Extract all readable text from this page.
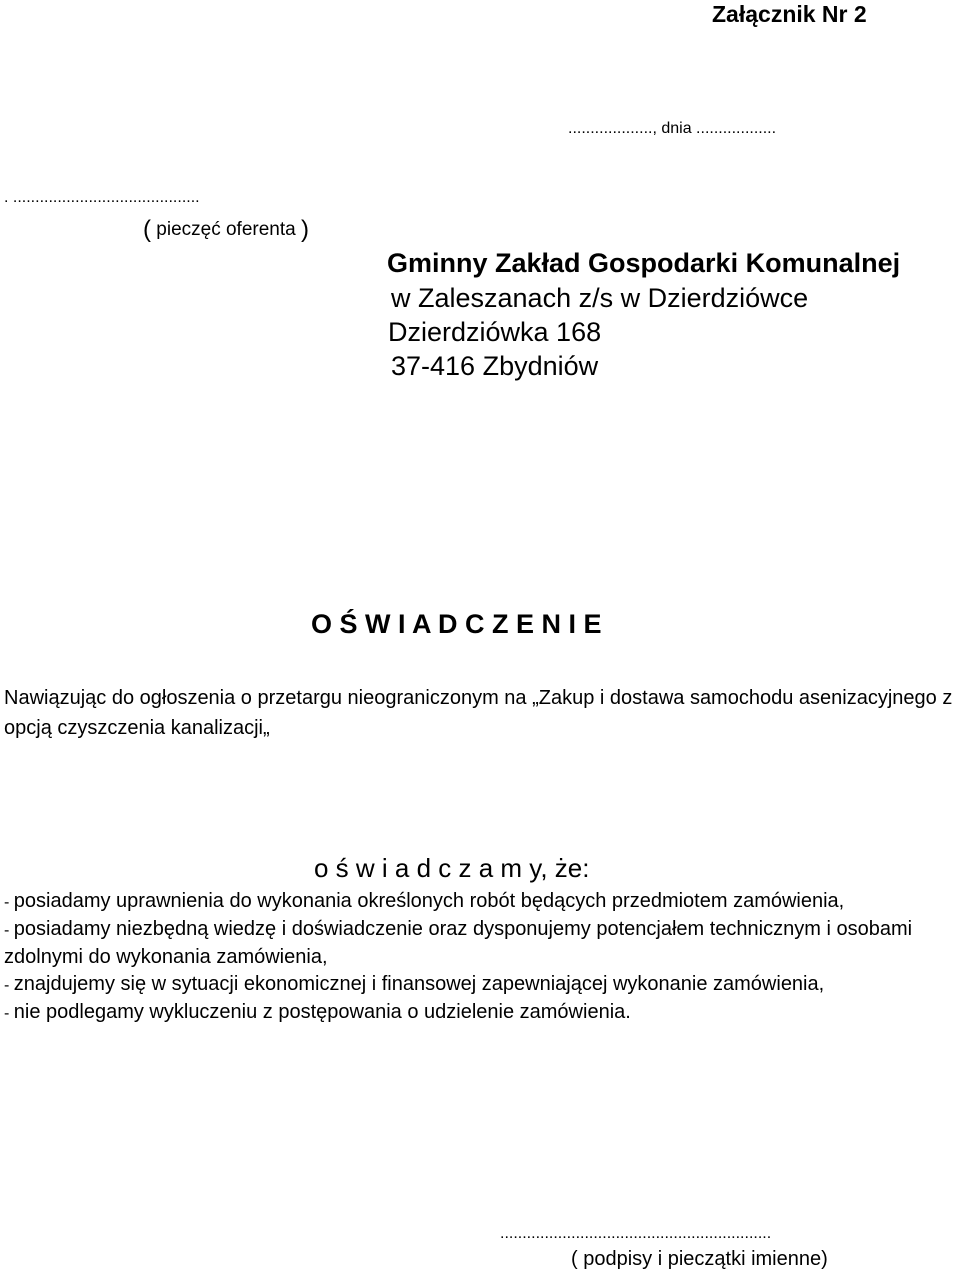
Załącznik Nr 2
..................., dnia ..................
. ..........................................
( pieczęć oferenta )
Gminny Zakład Gospodarki Komunalnej
w Zaleszanach z/s w Dzierdziówce
Dzierdziówka 168
37-416 Zbydniów
O Ś W I A D C Z E N I E

Nawiązując do ogłoszenia o przetargu nieograniczonym na „Zakup i dostawa samochodu asenizacyjnego z opcją czyszczenia kanalizacji„

o ś w i a d c z a m y, że:
- posiadamy uprawnienia do wykonania określonych robót będących przedmiotem zamówienia,
- posiadamy niezbędną wiedzę i doświadczenie oraz dysponujemy potencjałem technicznym i osobami zdolnymi do wykonania zamówienia,
- znajdujemy się w sytuacji ekonomicznej i finansowej zapewniającej wykonanie zamówienia,
- nie podlegamy wykluczeniu z postępowania o udzielenie zamówienia.
.............................................................
( podpisy i pieczątki imienne)
